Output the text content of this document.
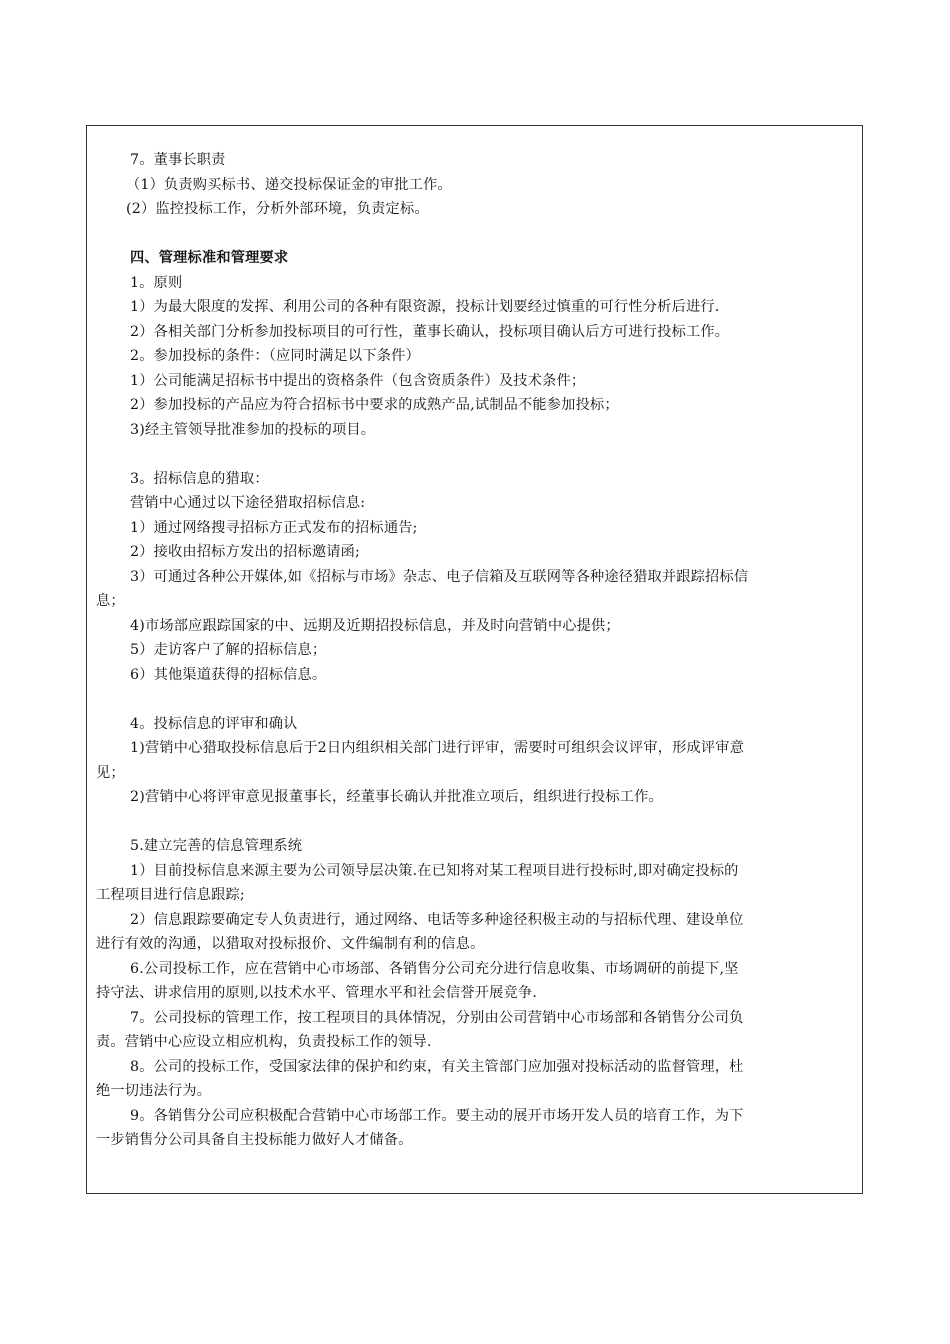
7。董事长职责
（1）负责购买标书、递交投标保证金的审批工作。
(2）监控投标工作，分析外部环境，负责定标。
四、管理标准和管理要求
1。原则
1）为最大限度的发挥、利用公司的各种有限资源，投标计划要经过慎重的可行性分析后进行.
2）各相关部门分析参加投标项目的可行性，董事长确认，投标项目确认后方可进行投标工作。
2。参加投标的条件：（应同时满足以下条件）
1）公司能满足招标书中提出的资格条件（包含资质条件）及技术条件；
2）参加投标的产品应为符合招标书中要求的成熟产品,试制品不能参加投标；
3)经主管领导批准参加的投标的项目。
3。招标信息的猎取：
营销中心通过以下途径猎取招标信息:
1）通过网络搜寻招标方正式发布的招标通告;
2）接收由招标方发出的招标邀请函;
3）可通过各种公开媒体,如《招标与市场》杂志、电子信箱及互联网等各种途径猎取并跟踪招标信
息；
4)市场部应跟踪国家的中、远期及近期招投标信息，并及时向营销中心提供；
5）走访客户了解的招标信息；
6）其他渠道获得的招标信息。
4。投标信息的评审和确认
1)营销中心猎取投标信息后于2日内组织相关部门进行评审，需要时可组织会议评审，形成评审意
见；
2)营销中心将评审意见报董事长，经董事长确认并批准立项后，组织进行投标工作。
5.建立完善的信息管理系统
1）目前投标信息来源主要为公司领导层决策.在已知将对某工程项目进行投标时,即对确定投标的
工程项目进行信息跟踪;
2）信息跟踪要确定专人负责进行，通过网络、电话等多种途径积极主动的与招标代理、建设单位
进行有效的沟通，以猎取对投标报价、文件编制有利的信息。
6.公司投标工作，应在营销中心市场部、各销售分公司充分进行信息收集、市场调研的前提下,坚
持守法、讲求信用的原则,以技术水平、管理水平和社会信誉开展竞争.
7。公司投标的管理工作，按工程项目的具体情况，分别由公司营销中心市场部和各销售分公司负
责。营销中心应设立相应机构，负责投标工作的领导.
8。公司的投标工作，受国家法律的保护和约束，有关主管部门应加强对投标活动的监督管理，杜
绝一切违法行为。
9。各销售分公司应积极配合营销中心市场部工作。要主动的展开市场开发人员的培育工作，为下
一步销售分公司具备自主投标能力做好人才储备。
